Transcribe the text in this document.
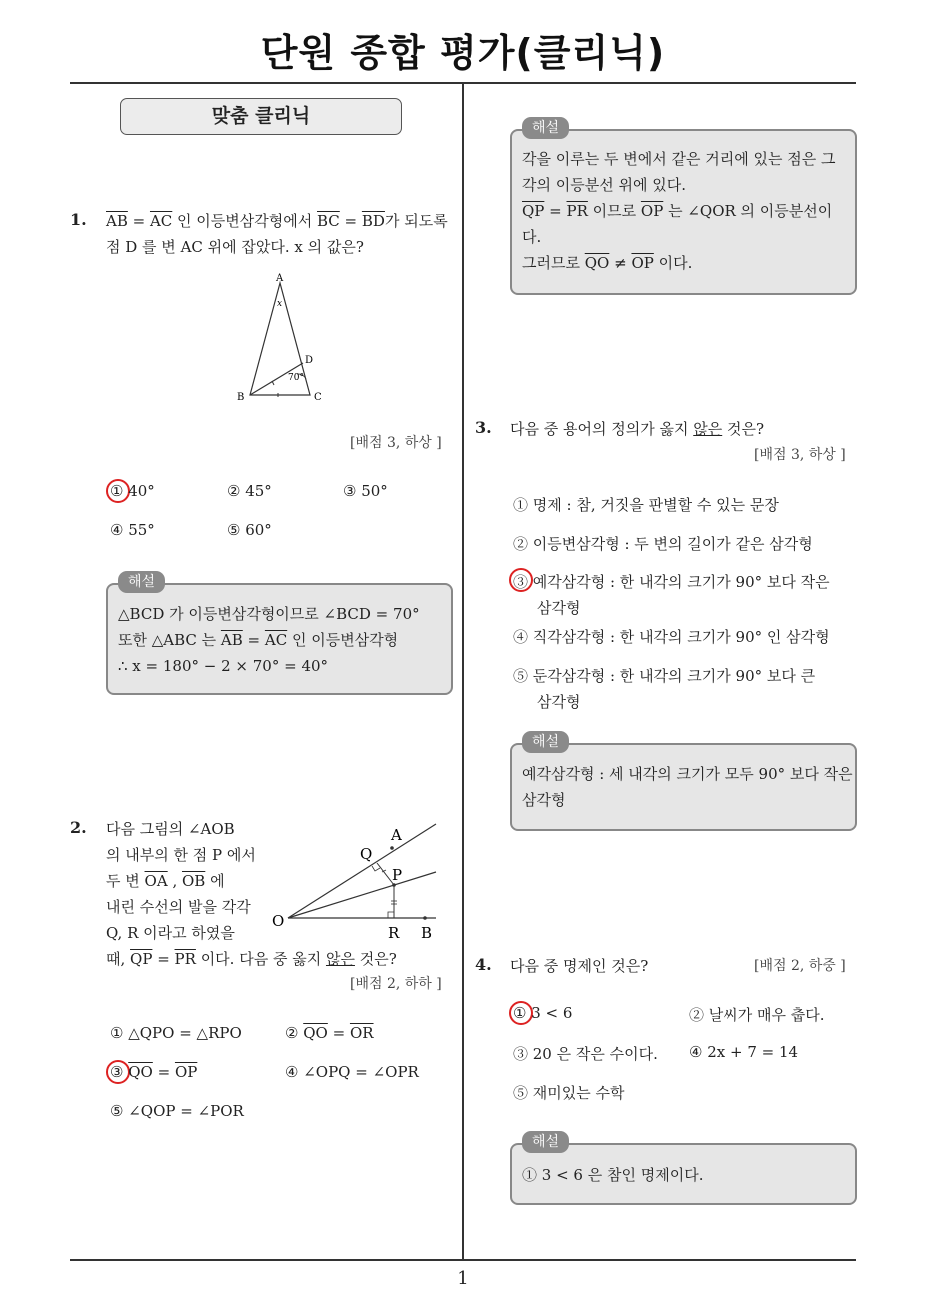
단원 종합 평가(클리닉)
맞춤 클리닉
1. $\overline{AB} = \overline{AC}$ 인 이등변삼각형에서 $\overline{BC} = \overline{BD}$가 되도록
점 D 를 변 AC 위에 잡았다. x 의 값은?
A
x
D
70°
B	C
[배점 3, 하상 ]
① 40°	② 45°	③ 50°
④ 55°	⑤ 60°
해설
△BCD 가 이등변삼각형이므로 ∠BCD = 70°
또한 △ABC 는 $\overline{AB} = \overline{AC}$ 인 이등변삼각형
∴ x = 180° − 2 × 70° = 40°
2. 다음 그림의 ∠AOB
의 내부의 한 점 P 에서
두 변 $\overline{OA}$ , $\overline{OB}$ 에
내린 수선의 발을 각각
Q, R 이라고 하였을
때, $\overline{QP} = \overline{PR}$ 이다. 다음 중 옳지 않은 것은?
A
Q
P
O
R B
[배점 2, 하하 ]
① △QPO = △RPO	② $\overline{QO} = \overline{OR}$
③ $\overline{QO} = \overline{OP}$	④ ∠OPQ = ∠OPR
⑤ ∠QOP = ∠POR
해설
각을 이루는 두 변에서 같은 거리에 있는 점은 그
각의 이등분선 위에 있다.
$\overline{QP} = \overline{PR}$ 이므로 $\overline{OP}$ 는 ∠QOR 의 이등분선이
다.
그러므로 $\overline{QO} \ne \overline{OP}$ 이다.
3. 다음 중 용어의 정의가 옳지 않은 것은?
[배점 3, 하상 ]
① 명제 : 참, 거짓을 판별할 수 있는 문장
② 이등변삼각형 : 두 변의 길이가 같은 삼각형
③ 예각삼각형 : 한 내각의 크기가 90° 보다 작은
삼각형
④ 직각삼각형 : 한 내각의 크기가 90° 인 삼각형
⑤ 둔각삼각형 : 한 내각의 크기가 90° 보다 큰
삼각형
해설
예각삼각형 : 세 내각의 크기가 모두 90° 보다 작은
삼각형
4. 다음 중 명제인 것은?	[배점 2, 하중 ]
① 3 < 6	② 날씨가 매우 춥다.
③ 20 은 작은 수이다. ④ 2x + 7 = 14
⑤ 재미있는 수학
해설
① 3 < 6 은 참인 명제이다.
1
